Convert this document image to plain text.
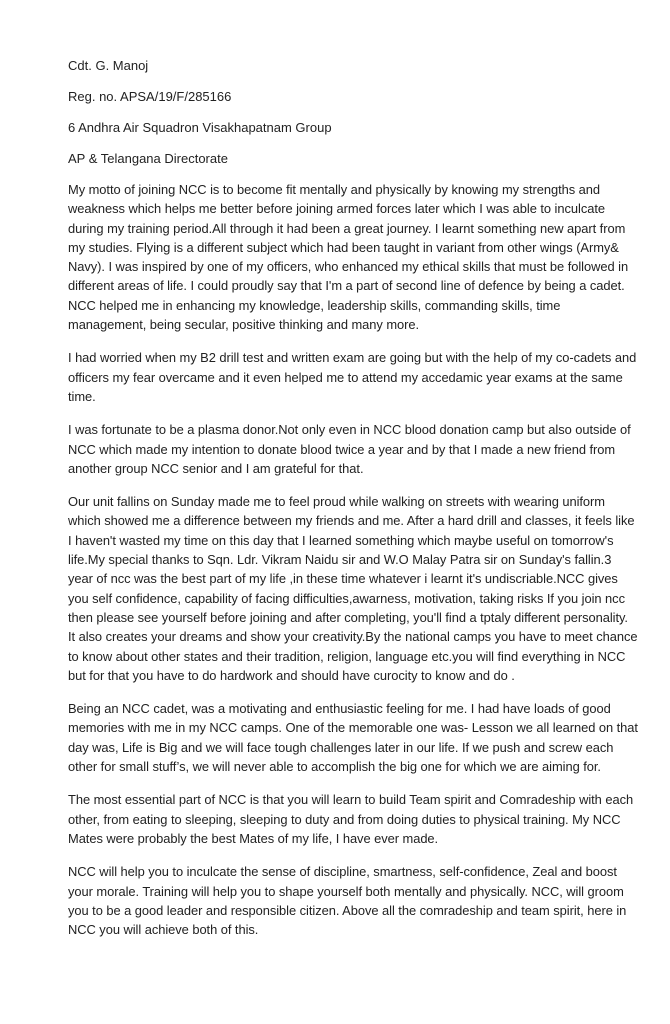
Cdt. G. Manoj
Reg. no. APSA/19/F/285166
6 Andhra Air Squadron Visakhapatnam Group
AP & Telangana Directorate

My motto of joining NCC is to become fit mentally and physically by knowing my strengths and weakness which helps me better before joining armed forces later which I was able to inculcate during my training period.All through it had been a great journey. I learnt something new apart from my studies. Flying is a different subject which had been taught in variant from other wings (Army& Navy). I was inspired by one of my officers, who enhanced my ethical skills that must be followed in different areas of life. I could proudly say that I'm a part of second line of defence by being a cadet. NCC helped me in enhancing my knowledge, leadership skills, commanding skills, time management, being secular, positive thinking and many more.

I had worried when my B2 drill test and written exam are going but with the help of my co-cadets and officers my fear overcame and it even helped me to attend my accedamic year exams at the same time.

I was fortunate to be a plasma donor.Not only even in NCC blood donation camp but also outside of NCC which made my intention to donate blood twice a year and by that I made a new friend from another group NCC senior and I am grateful for that.

Our unit fallins on Sunday made me to feel proud while walking on streets with wearing uniform which showed me a difference between my friends and me. After a hard drill and classes, it feels like I haven't wasted my time on this day that I learned something which maybe useful on tomorrow's life.My special thanks to Sqn. Ldr. Vikram Naidu sir and W.O Malay Patra sir on Sunday's fallin.3 year of ncc was the best part of my life ,in these time whatever i learnt it's undiscriable.NCC gives you self confidence, capability of facing difficulties,awarness, motivation, taking risks If you join ncc then please see yourself before joining and after completing, you'll find a tptaly different personality. It also creates your dreams and show your creativity.By the national camps you have to meet chance to know about other states and their tradition, religion, language etc.you will find everything in NCC but for that you have to do hardwork and should have curocity to know and do .

Being an NCC cadet, was a motivating and enthusiastic feeling for me. I had have loads of good memories with me in my NCC camps. One of the memorable one was- Lesson we all learned on that day was, Life is Big and we will face tough challenges later in our life. If we push and screw each other for small stuff’s, we will never able to accomplish the big one for which we are aiming for.

The most essential part of NCC is that you will learn to build Team spirit and Comradeship with each other, from eating to sleeping, sleeping to duty and from doing duties to physical training. My NCC Mates were probably the best Mates of my life, I have ever made.

NCC will help you to inculcate the sense of discipline, smartness, self-confidence, Zeal and boost your morale. Training will help you to shape yourself both mentally and physically. NCC, will groom you to be a good leader and responsible citizen. Above all the comradeship and team spirit, here in NCC you will achieve both of this.
